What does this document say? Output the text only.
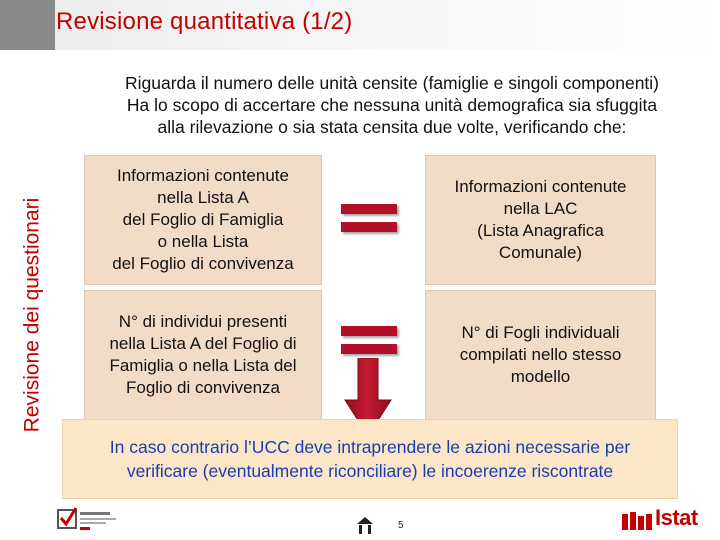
Revisione quantitativa (1/2)
Revisione dei questionari
Riguarda il numero delle unità censite (famiglie e singoli componenti)
Ha lo scopo di accertare che nessuna unità demografica sia sfuggita
alla rilevazione o sia stata censita due volte, verificando che:
Informazioni contenute
nella Lista A
del Foglio di Famiglia
o nella Lista
del Foglio di convivenza
Informazioni contenute
nella LAC
(Lista Anagrafica
Comunale)
N° di individui presenti
nella Lista A del Foglio di
Famiglia o nella Lista del
Foglio di convivenza
N° di Fogli individuali
compilati nello stesso
modello
In caso contrario l’UCC deve intraprendere le azioni necessarie per
verificare (eventualmente riconciliare) le incoerenze riscontrate
5	Istat
